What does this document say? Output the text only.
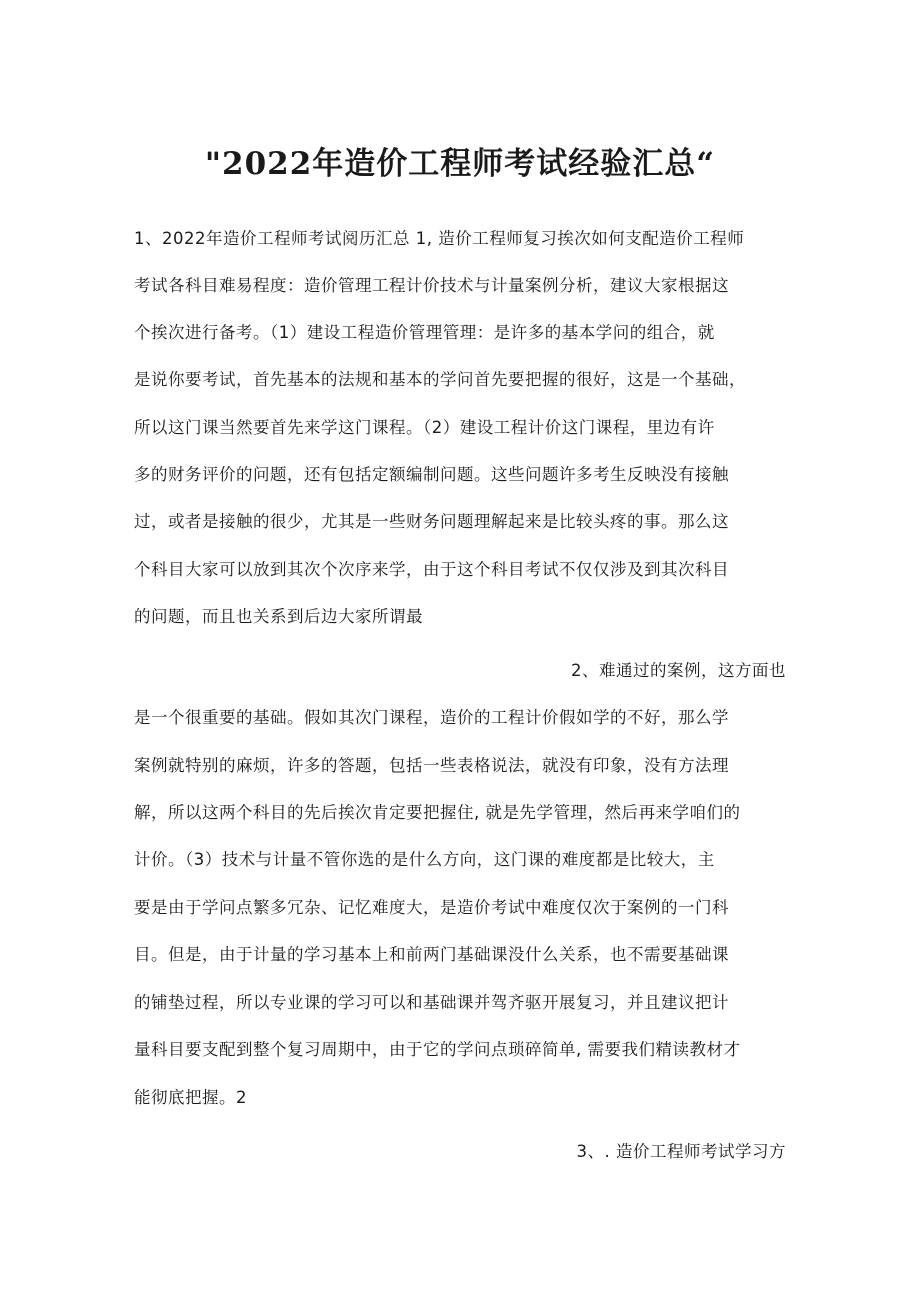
"2022年造价工程师考试经验汇总“
1、2022年造价工程师考试阅历汇总 1, 造价工程师复习挨次如何支配造价工程师
考试各科目难易程度：造价管理工程计价技术与计量案例分析，建议大家根据这
个挨次进行备考。（1）建设工程造价管理管理：是许多的基本学问的组合，就
是说你要考试，首先基本的法规和基本的学问首先要把握的很好，这是一个基础，
所以这门课当然要首先来学这门课程。（2）建设工程计价这门课程，里边有许
多的财务评价的问题，还有包括定额编制问题。这些问题许多考生反映没有接触
过，或者是接触的很少，尤其是一些财务问题理解起来是比较头疼的事。那么这
个科目大家可以放到其次个次序来学，由于这个科目考试不仅仅涉及到其次科目
的问题，而且也关系到后边大家所谓最
2、难通过的案例，这方面也
是一个很重要的基础。假如其次门课程，造价的工程计价假如学的不好，那么学
案例就特别的麻烦，许多的答题，包括一些表格说法，就没有印象，没有方法理
解，所以这两个科目的先后挨次肯定要把握住, 就是先学管理，然后再来学咱们的
计价。（3）技术与计量不管你选的是什么方向，这门课的难度都是比较大，主
要是由于学问点繁多冗杂、记忆难度大，是造价考试中难度仅次于案例的一门科
目。但是，由于计量的学习基本上和前两门基础课没什么关系，也不需要基础课
的铺垫过程，所以专业课的学习可以和基础课并驾齐驱开展复习，并且建议把计
量科目要支配到整个复习周期中，由于它的学问点琐碎简单, 需要我们精读教材才
能彻底把握。2
3、. 造价工程师考试学习方
